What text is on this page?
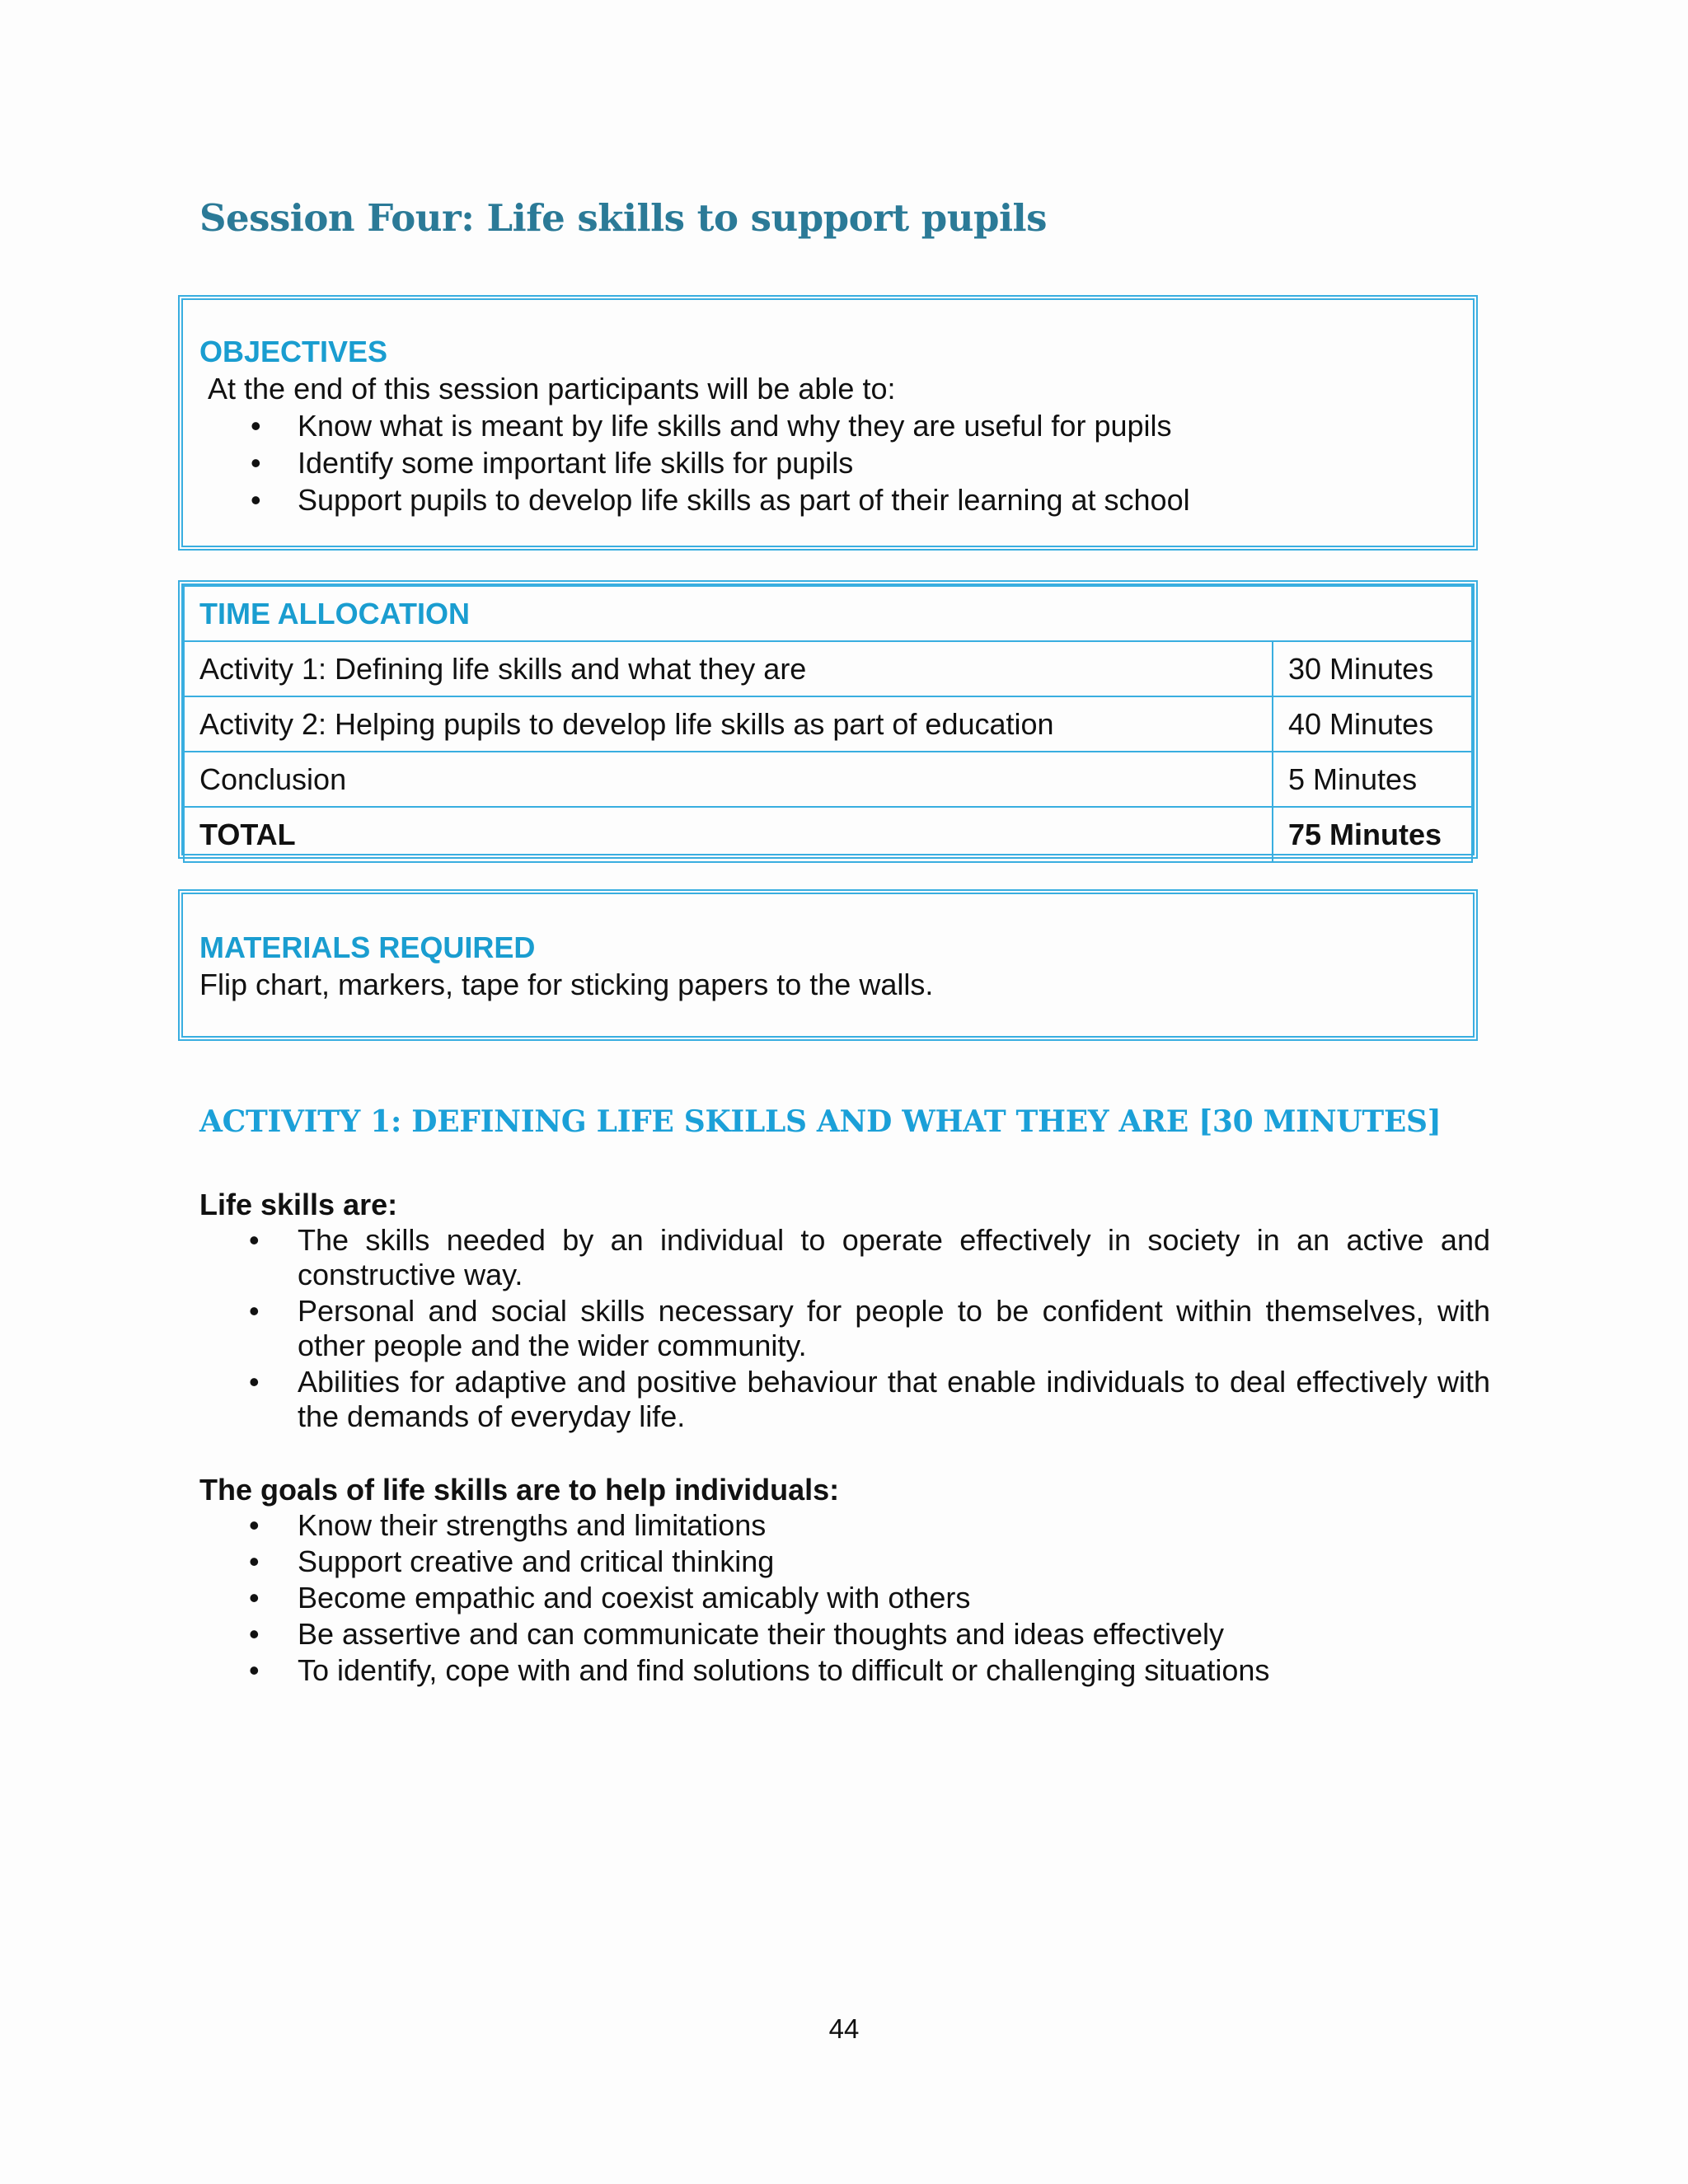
Session Four: Life skills to support pupils
OBJECTIVES
At the end of this session participants will be able to:
• Know what is meant by life skills and why they are useful for pupils
• Identify some important life skills for pupils
• Support pupils to develop life skills as part of their learning at school
TIME ALLOCATION	
Activity 1: Defining life skills and what they are	30 Minutes
Activity 2: Helping pupils to develop life skills as part of education	40 Minutes
Conclusion	5 Minutes
TOTAL	75 Minutes
MATERIALS REQUIRED
Flip chart, markers, tape for sticking papers to the walls.
ACTIVITY 1: DEFINING LIFE SKILLS AND WHAT THEY ARE [30 MINUTES]
Life skills are:
• The skills needed by an individual to operate effectively in society in an active and constructive way.
• Personal and social skills necessary for people to be confident within themselves, with other people and the wider community.
• Abilities for adaptive and positive behaviour that enable individuals to deal effectively with the demands of everyday life.
The goals of life skills are to help individuals:
• Know their strengths and limitations
• Support creative and critical thinking
• Become empathic and coexist amicably with others
• Be assertive and can communicate their thoughts and ideas effectively
• To identify, cope with and find solutions to difficult or challenging situations
44
